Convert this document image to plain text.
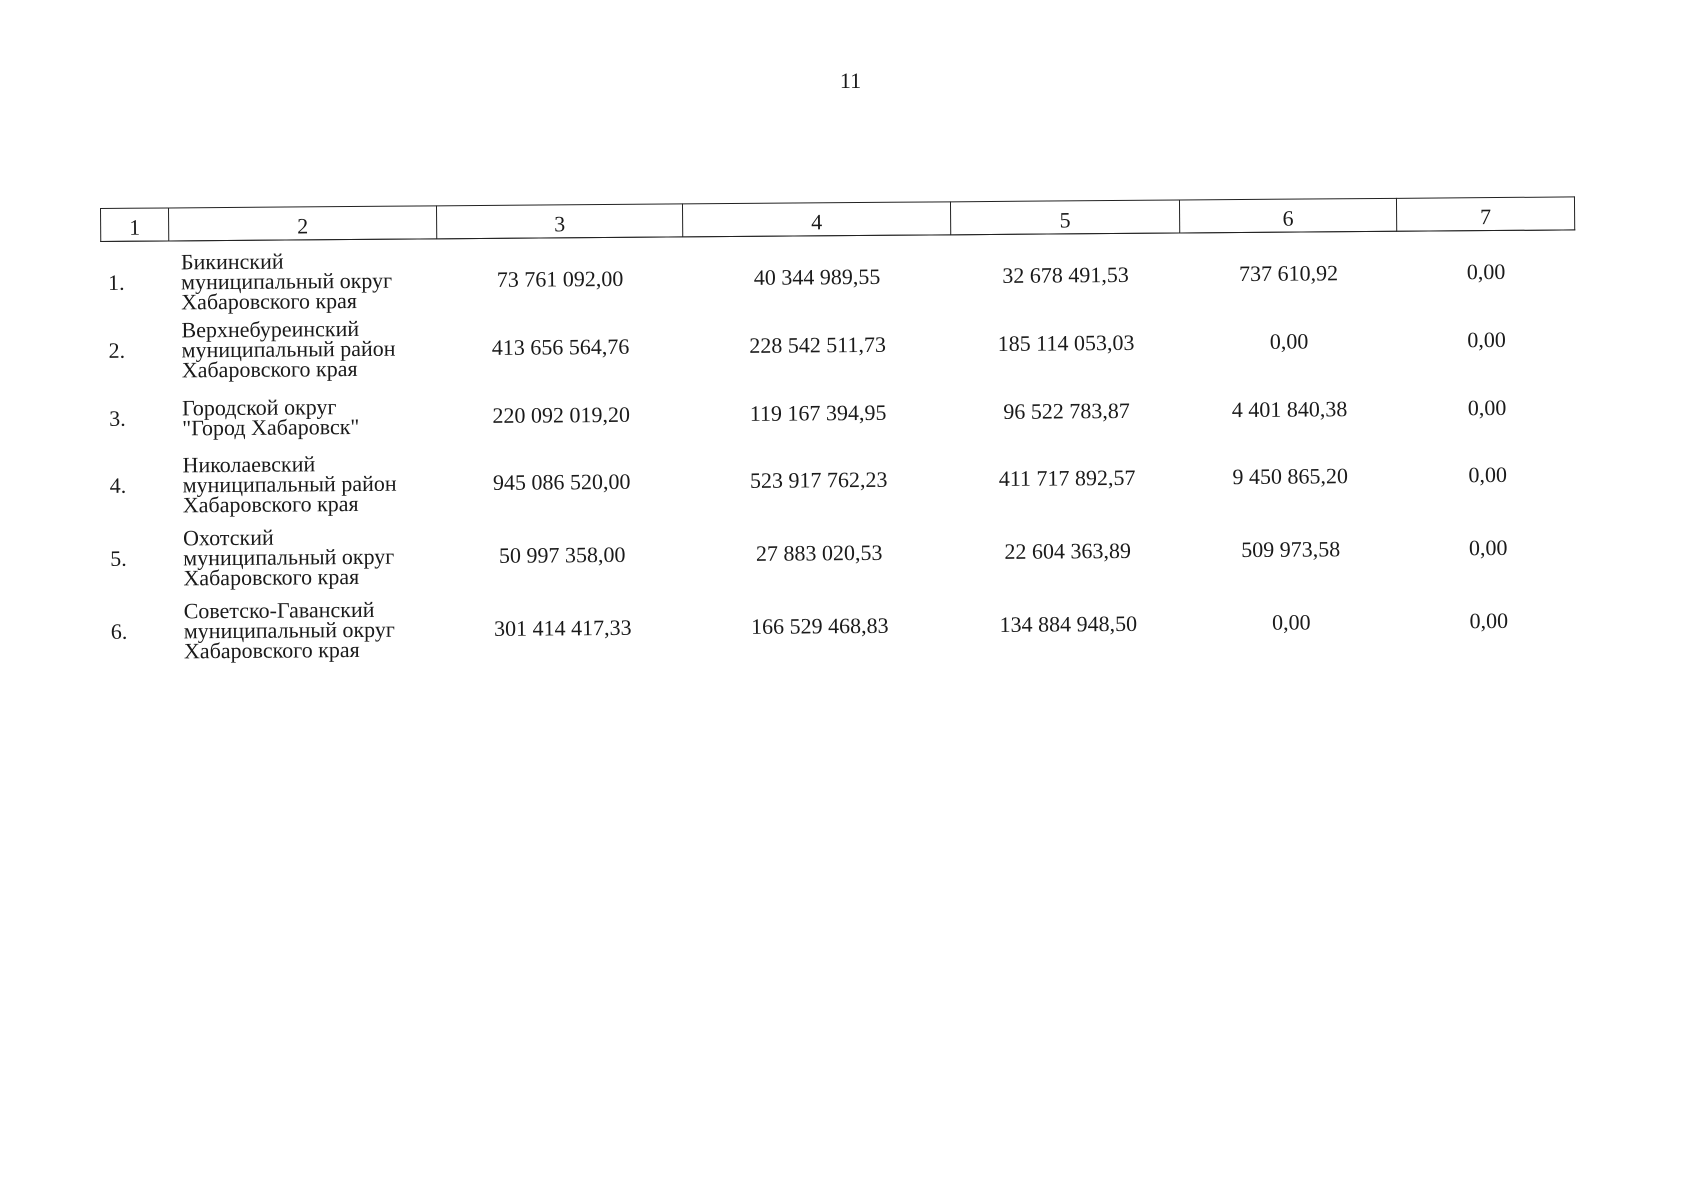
11
1	2	3	4	5	6	7
1.	Бикинский
муниципальный округ
Хабаровского края	73 761 092,00	40 344 989,55	32 678 491,53	737 610,92	0,00
2.	Верхнебуреинский
муниципальный район
Хабаровского края	413 656 564,76	228 542 511,73	185 114 053,03	0,00	0,00
3.	Городской округ
"Город Хабаровск"	220 092 019,20	119 167 394,95	96 522 783,87	4 401 840,38	0,00
4.	Николаевский
муниципальный район
Хабаровского края	945 086 520,00	523 917 762,23	411 717 892,57	9 450 865,20	0,00
5.	Охотский
муниципальный округ
Хабаровского края	50 997 358,00	27 883 020,53	22 604 363,89	509 973,58	0,00
6.	Советско-Гаванский
муниципальный округ
Хабаровского края	301 414 417,33	166 529 468,83	134 884 948,50	0,00	0,00
